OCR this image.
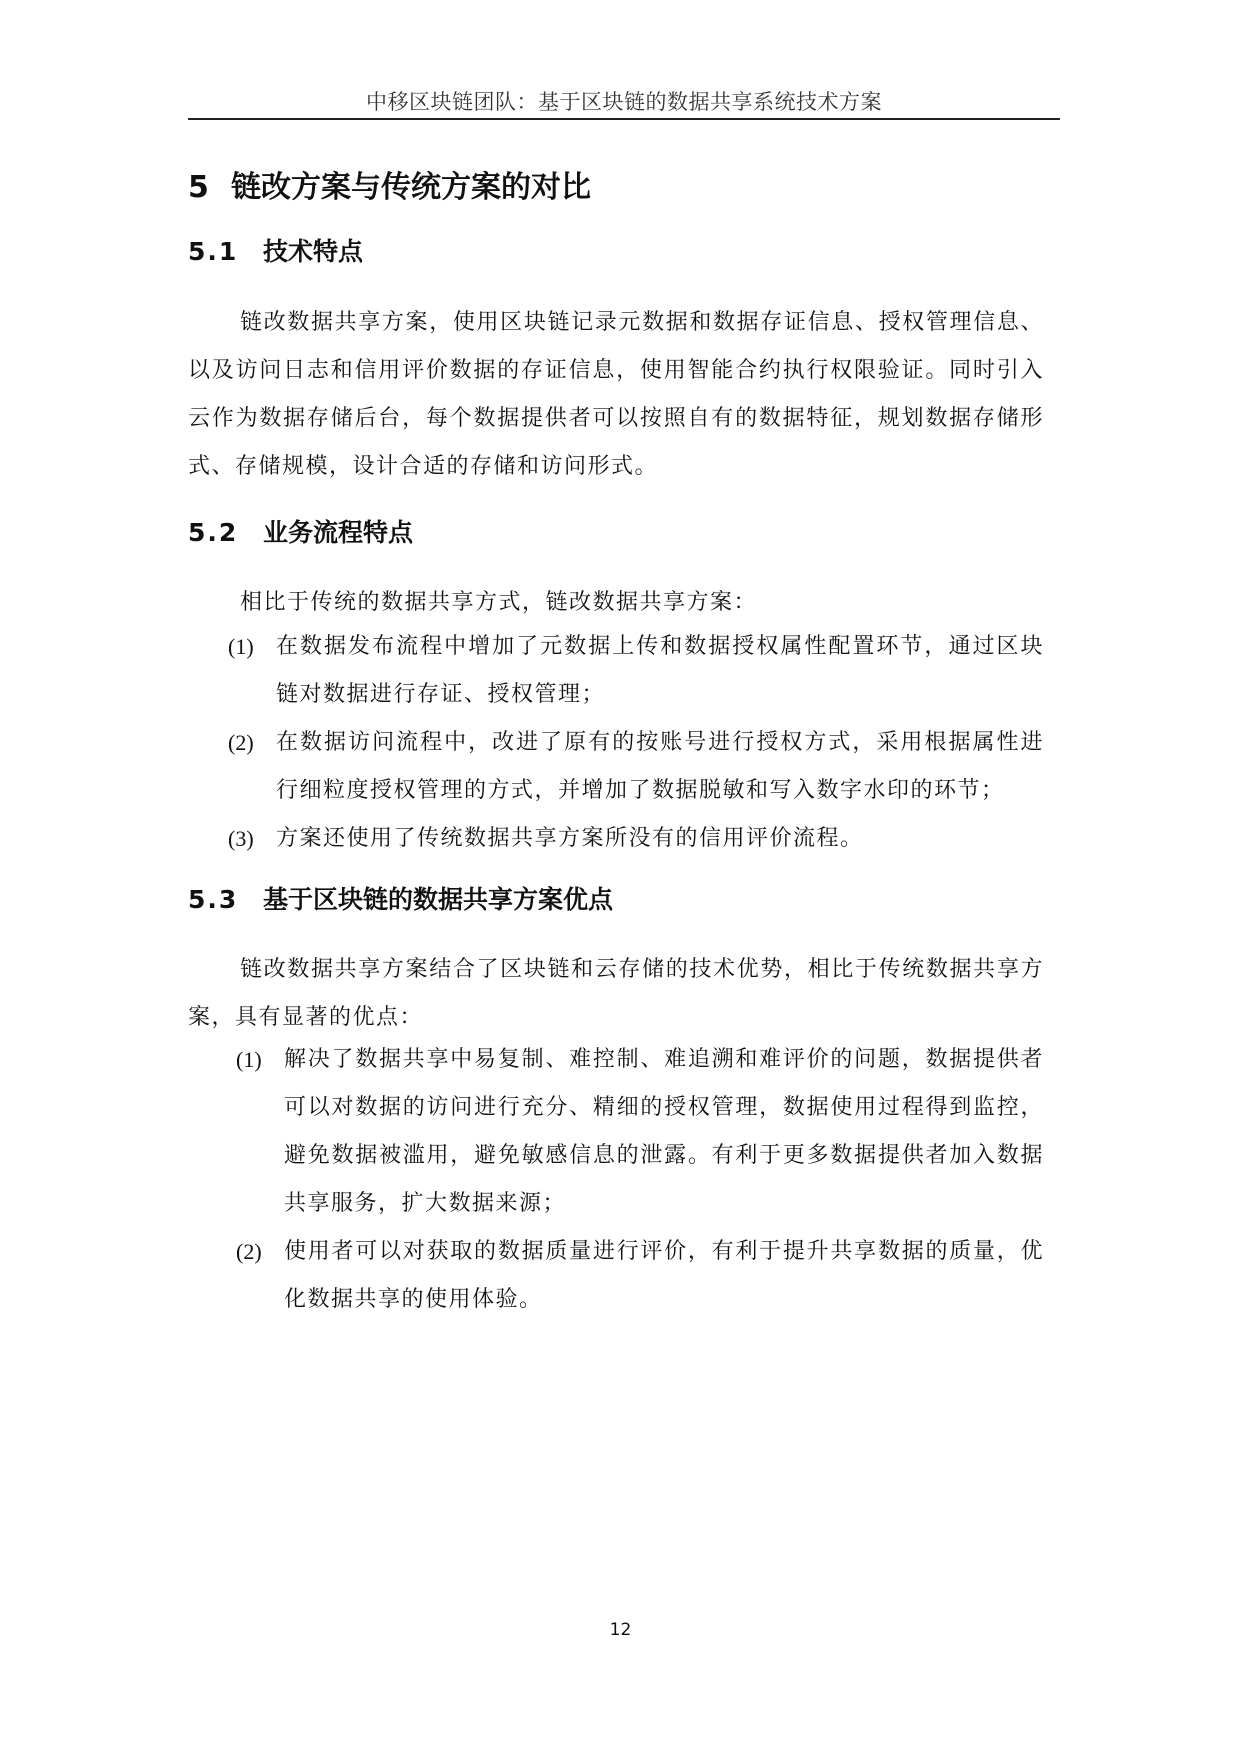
中移区块链团队：基于区块链的数据共享系统技术方案
5 链改方案与传统方案的对比
5.1 技术特点
链改数据共享方案，使用区块链记录元数据和数据存证信息、授权管理信息、以及访问日志和信用评价数据的存证信息，使用智能合约执行权限验证。同时引入云作为数据存储后台，每个数据提供者可以按照自有的数据特征，规划数据存储形式、存储规模，设计合适的存储和访问形式。
5.2 业务流程特点
相比于传统的数据共享方式，链改数据共享方案：
(1) 在数据发布流程中增加了元数据上传和数据授权属性配置环节，通过区块链对数据进行存证、授权管理；
(2) 在数据访问流程中，改进了原有的按账号进行授权方式，采用根据属性进行细粒度授权管理的方式，并增加了数据脱敏和写入数字水印的环节；
(3) 方案还使用了传统数据共享方案所没有的信用评价流程。
5.3 基于区块链的数据共享方案优点
链改数据共享方案结合了区块链和云存储的技术优势，相比于传统数据共享方案，具有显著的优点：
(1) 解决了数据共享中易复制、难控制、难追溯和难评价的问题，数据提供者可以对数据的访问进行充分、精细的授权管理，数据使用过程得到监控，避免数据被滥用，避免敏感信息的泄露。有利于更多数据提供者加入数据共享服务，扩大数据来源；
(2) 使用者可以对获取的数据质量进行评价，有利于提升共享数据的质量，优化数据共享的使用体验。
12
